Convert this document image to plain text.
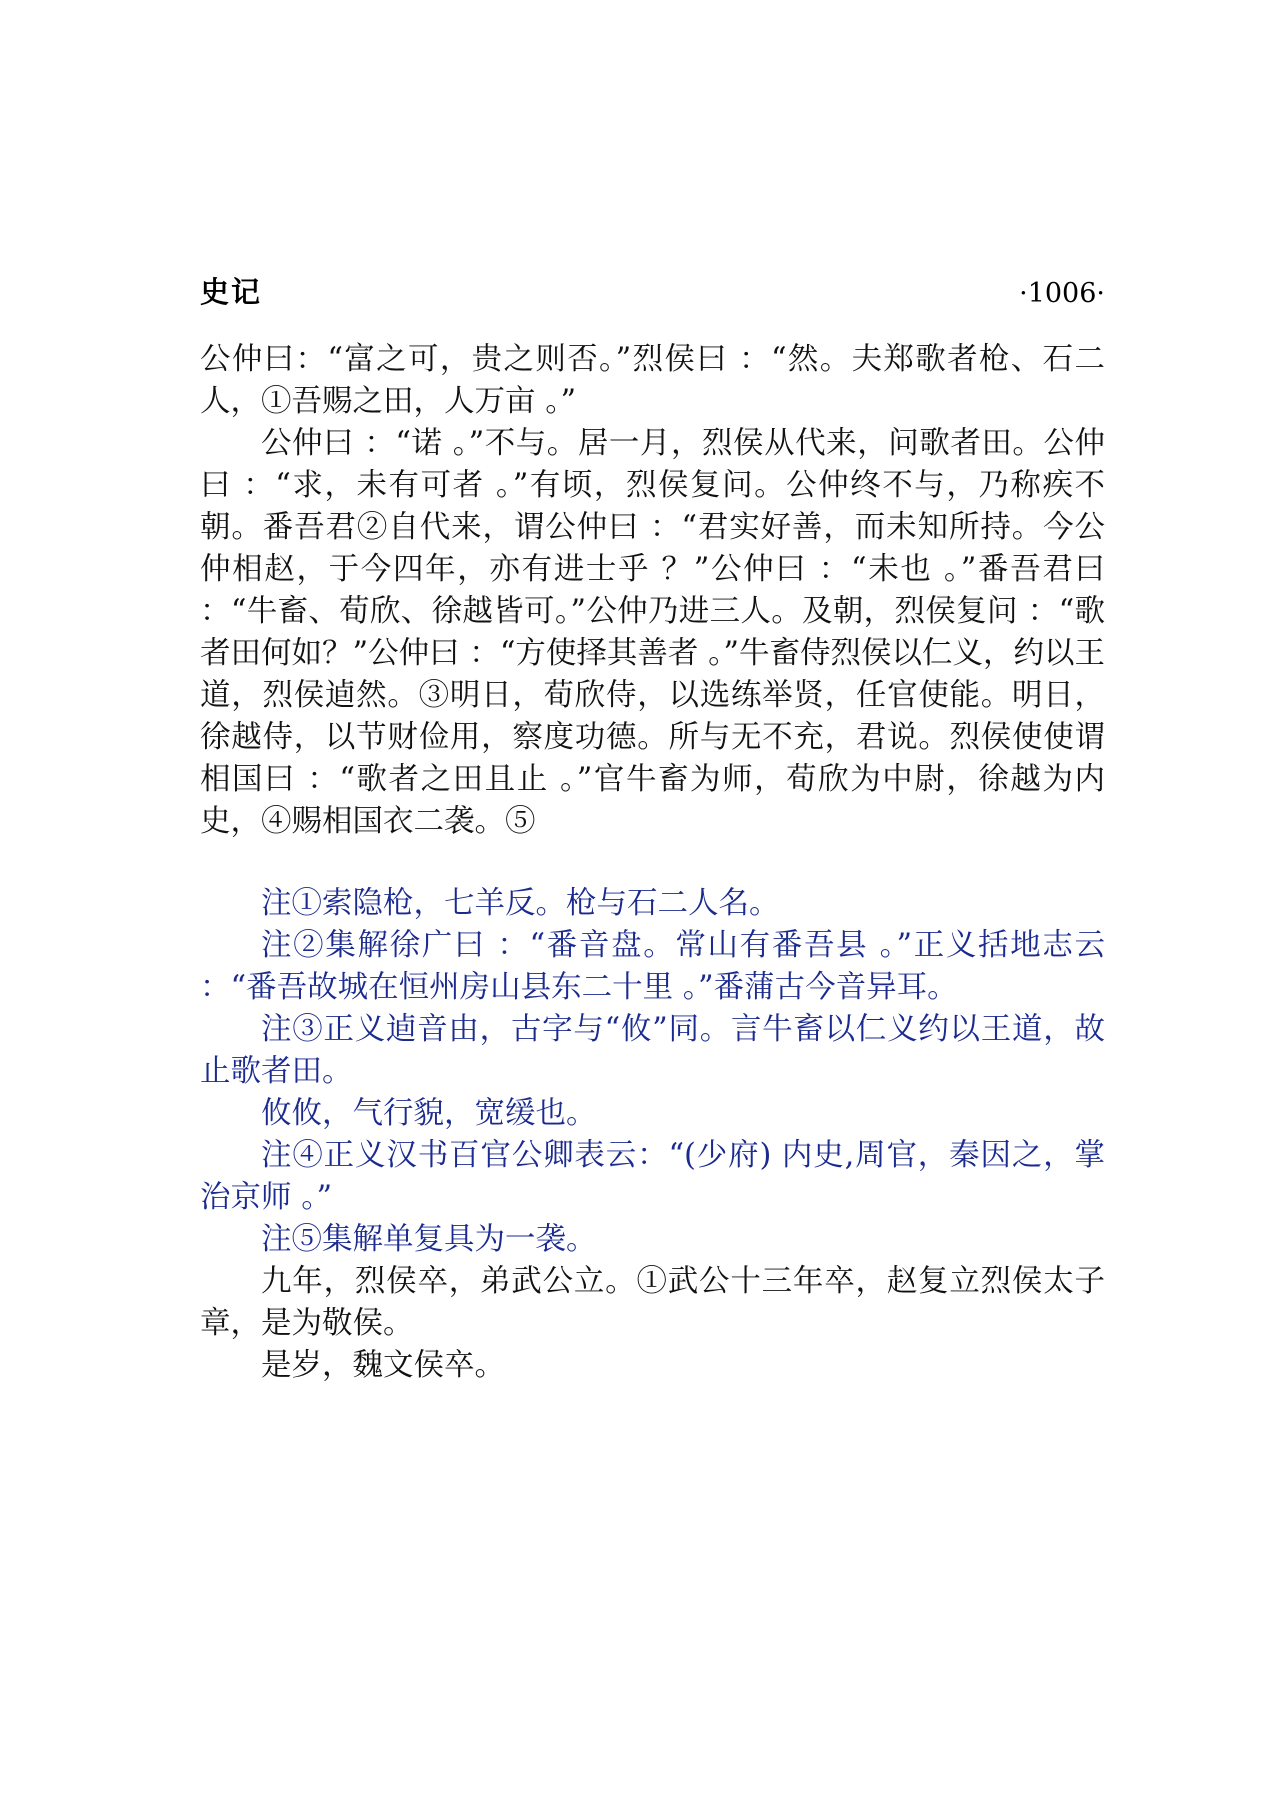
史记	·1006·

公仲曰：“富之可，贵之则否。”烈侯曰 ：“然。夫郑歌者枪、石二人，①吾赐之田，人万亩 。”

公仲曰 ：“诺 。”不与。居一月，烈侯从代来，问歌者田。公仲曰 ：“求，未有可者 。”有顷，烈侯复问。公仲终不与，乃称疾不朝。番吾君②自代来，谓公仲曰 ：“君实好善，而未知所持。今公仲相赵，于今四年，亦有进士乎 ？”公仲曰 ：“未也 。”番吾君曰 ：“牛畜、荀欣、徐越皆可。”公仲乃进三人。及朝，烈侯复问 ：“歌者田何如？”公仲曰 ：“方使择其善者 。”牛畜侍烈侯以仁义，约以王道，烈侯逌然。③明日，荀欣侍，以选练举贤，任官使能。明日，徐越侍，以节财俭用，察度功德。所与无不充，君说。烈侯使使谓相国曰 ：“歌者之田且止 。”官牛畜为师，荀欣为中尉，徐越为内史，④赐相国衣二袭。⑤

注①索隐枪，七羊反。枪与石二人名。

注②集解徐广曰 ：“番音盘。常山有番吾县 。”正义括地志云 ：“番吾故城在恒州房山县东二十里 。”番蒲古今音异耳。

注③正义逌音由，古字与“攸”同。言牛畜以仁义约以王道，故止歌者田。

攸攸，气行貌，宽缓也。

注④正义汉书百官公卿表云：“(少府) 内史,周官，秦因之，掌治京师 。”

注⑤集解单复具为一袭。

九年，烈侯卒，弟武公立。①武公十三年卒，赵复立烈侯太子章，是为敬侯。

是岁，魏文侯卒。
